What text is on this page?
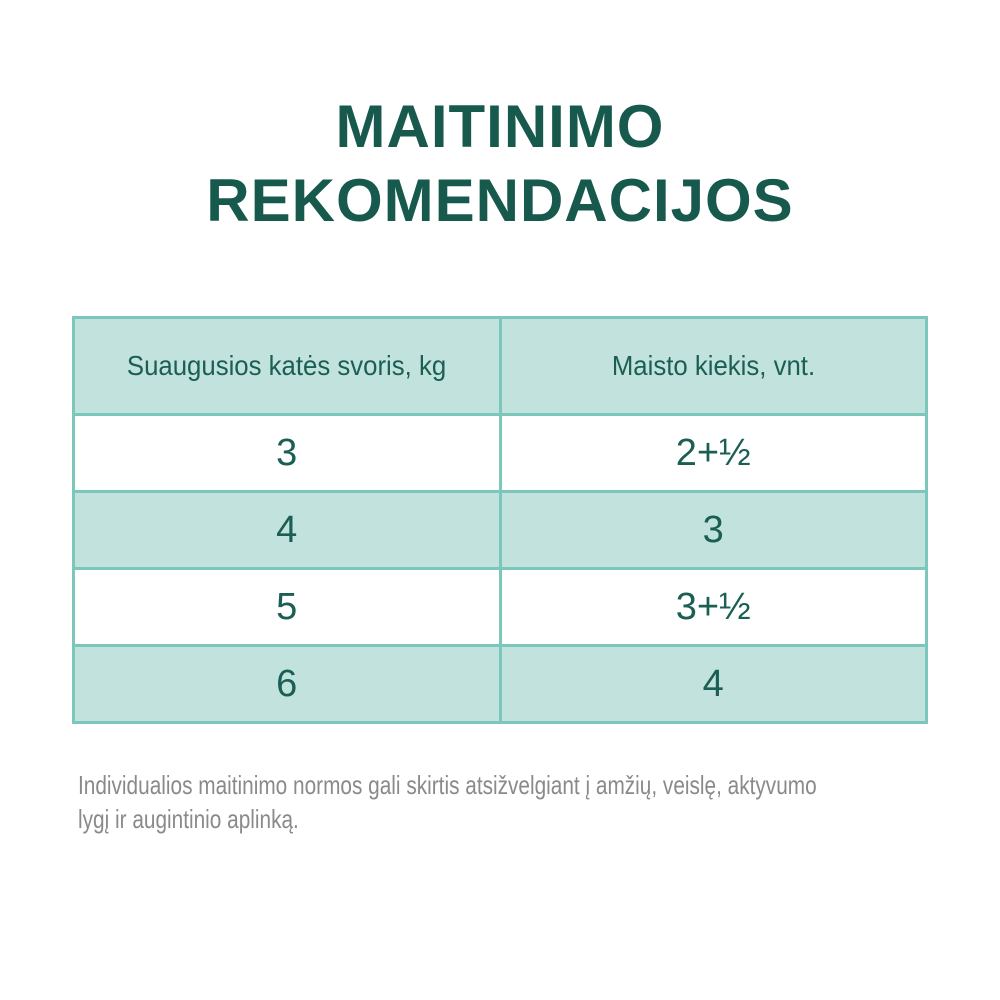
MAITINIMO
REKOMENDACIJOS
Suaugusios katės svoris, kg	Maisto kiekis, vnt.
3	2+½
4	3
5	3+½
6	4
Individualios maitinimo normos gali skirtis atsižvelgiant į amžių, veislę, aktyvumo
lygį ir augintinio aplinką.
